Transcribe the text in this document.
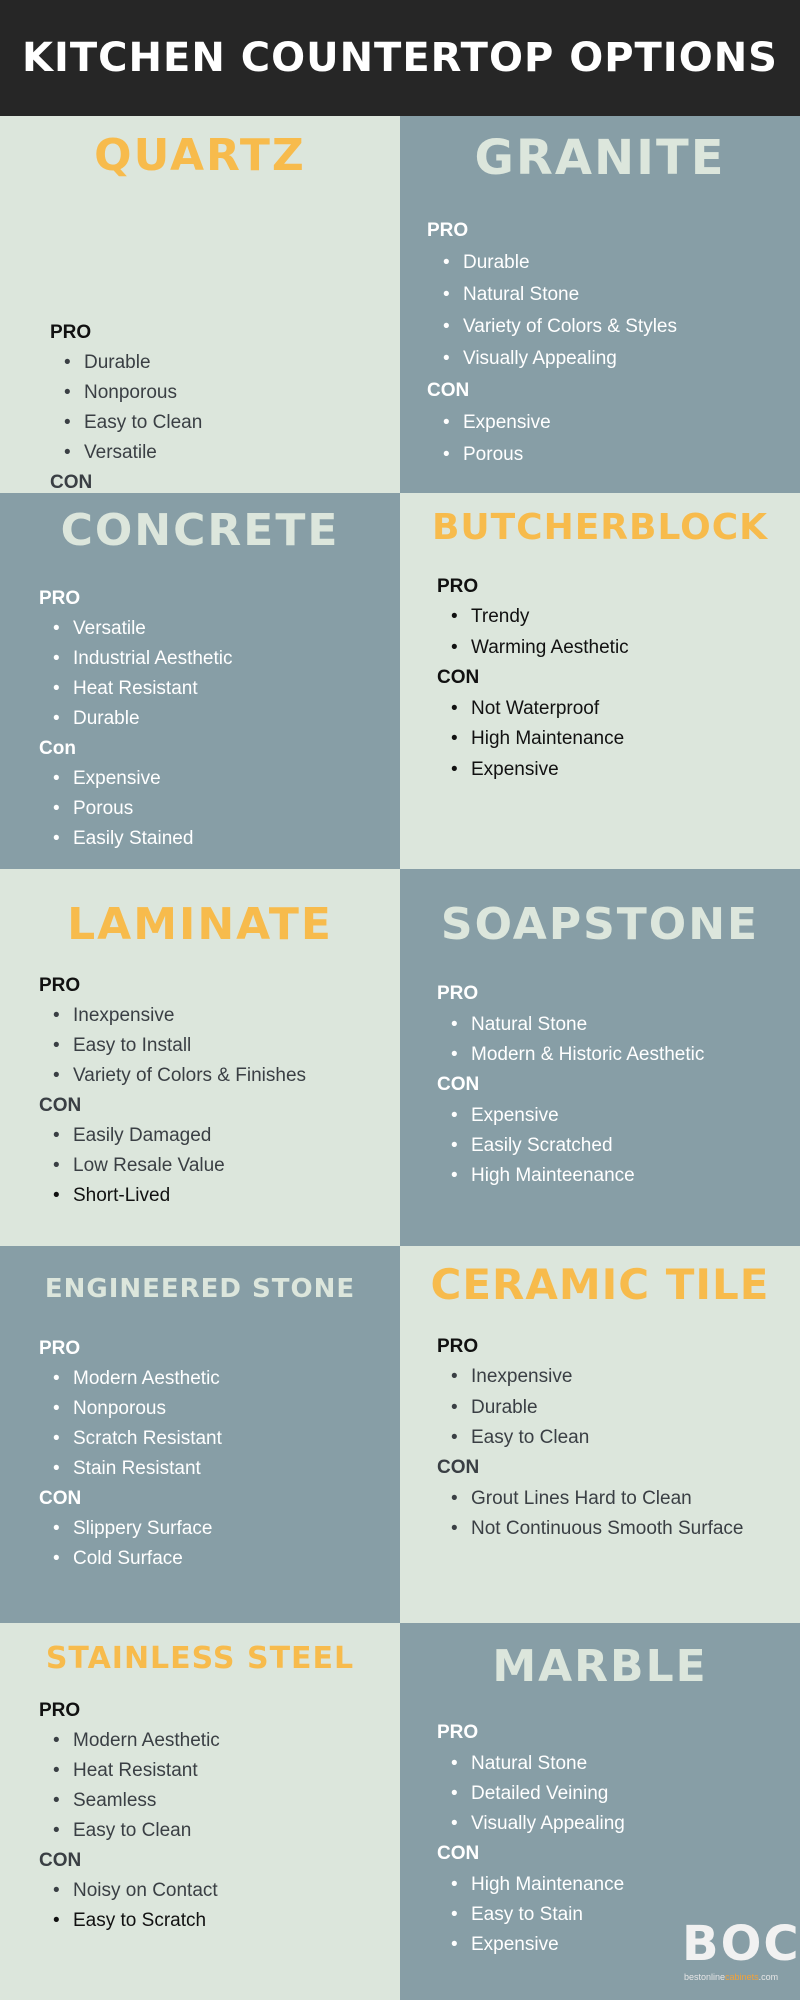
KITCHEN COUNTERTOP OPTIONS
QUARTZ
PRO
• Durable
• Nonporous
• Easy to Clean
• Versatile
CON
GRANITE
CONCRETE	BUTCHERBLOCK
LAMINATE	SOAPSTONE
ENGINEERED STONE	CERAMIC TILE
STAINLESS STEEL	MARBLE
PRO
• Durable
• Natural Stone
• Variety of Colors & Styles
• Visually Appealing
CON
• Expensive
• Porous
PRO
• Versatile
• Industrial Aesthetic
• Heat Resistant
• Durable
Con
• Expensive
• Porous
• Easily Stained
PRO
• Trendy
• Warming Aesthetic
CON
• Not Waterproof
• High Maintenance
• Expensive
PRO
• Inexpensive
• Easy to Install
• Variety of Colors & Finishes
CON
• Easily Damaged
• Low Resale Value
• Short-Lived
PRO
• Natural Stone
• Modern & Historic Aesthetic
CON
• Expensive
• Easily Scratched
• High Mainteenance
PRO
• Modern Aesthetic
• Nonporous
• Scratch Resistant
• Stain Resistant
CON
• Slippery Surface
• Cold Surface
PRO
• Inexpensive
• Durable
• Easy to Clean
CON
• Grout Lines Hard to Clean
• Not Continuous Smooth Surface
PRO
• Modern Aesthetic
• Heat Resistant
• Seamless
• Easy to Clean
CON
• Noisy on Contact
• Easy to Scratch
PRO
• Natural Stone
• Detailed Veining
• Visually Appealing
CON
• High Maintenance
• Easy to Stain
• Expensive	B O C
bestonlinecabinets.com
